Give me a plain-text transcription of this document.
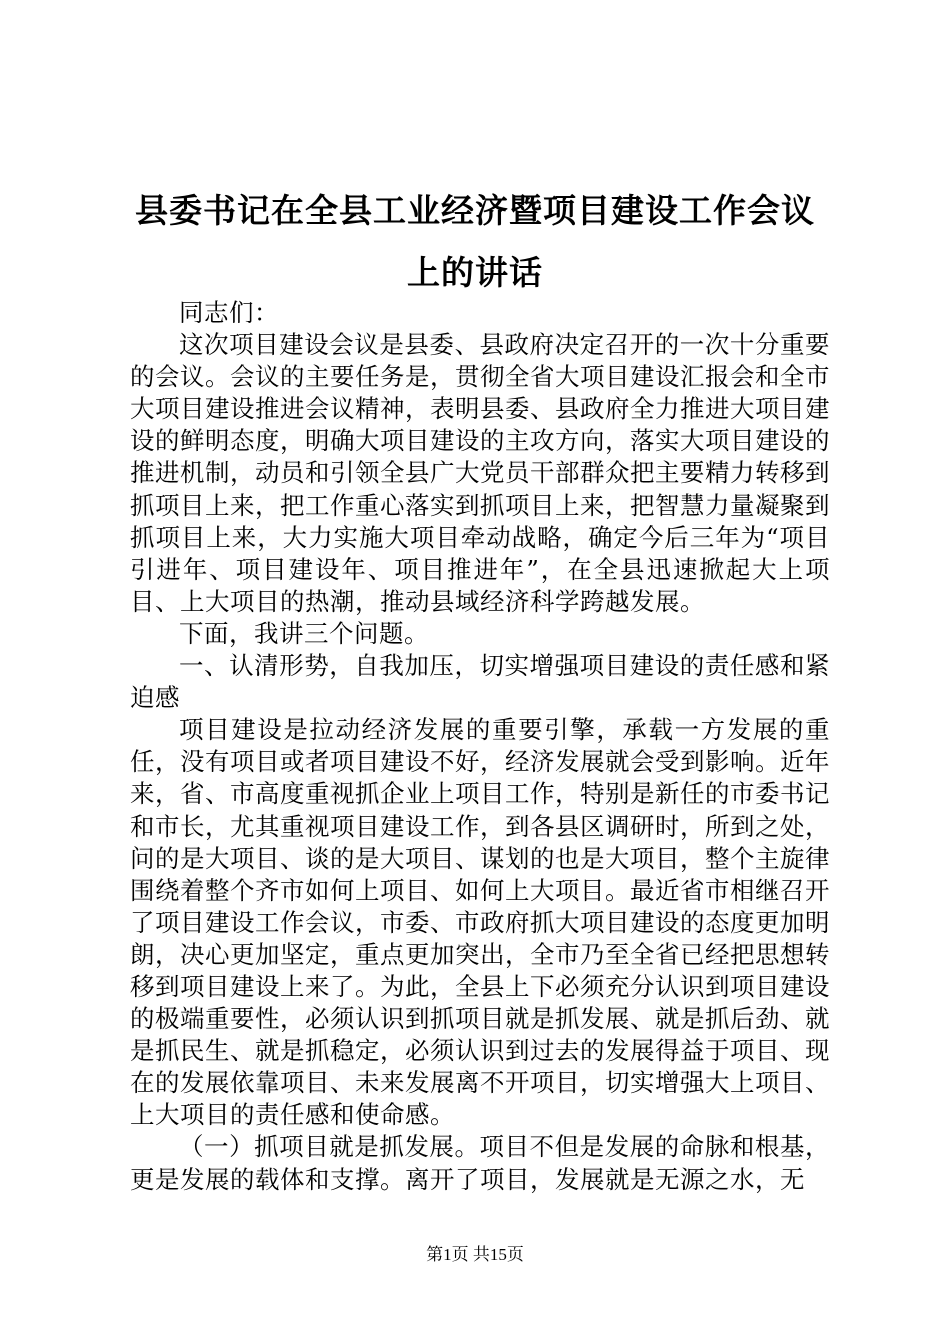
县委书记在全县工业经济暨项目建设工作会议
上的讲话

同志们：

这次项目建设会议是县委、县政府决定召开的一次十分重要的会议。会议的主要任务是，贯彻全省大项目建设汇报会和全市大项目建设推进会议精神，表明县委、县政府全力推进大项目建设的鲜明态度，明确大项目建设的主攻方向，落实大项目建设的推进机制，动员和引领全县广大党员干部群众把主要精力转移到抓项目上来，把工作重心落实到抓项目上来，把智慧力量凝聚到抓项目上来，大力实施大项目牵动战略，确定今后三年为“项目引进年、项目建设年、项目推进年”，在全县迅速掀起大上项目、上大项目的热潮，推动县域经济科学跨越发展。

下面，我讲三个问题。

一、认清形势，自我加压，切实增强项目建设的责任感和紧迫感

项目建设是拉动经济发展的重要引擎，承载一方发展的重任，没有项目或者项目建设不好，经济发展就会受到影响。近年来，省、市高度重视抓企业上项目工作，特别是新任的市委书记和市长，尤其重视项目建设工作，到各县区调研时，所到之处，问的是大项目、谈的是大项目、谋划的也是大项目，整个主旋律围绕着整个齐市如何上项目、如何上大项目。最近省市相继召开了项目建设工作会议，市委、市政府抓大项目建设的态度更加明朗，决心更加坚定，重点更加突出，全市乃至全省已经把思想转移到项目建设上来了。为此，全县上下必须充分认识到项目建设的极端重要性，必须认识到抓项目就是抓发展、就是抓后劲、就是抓民生、就是抓稳定，必须认识到过去的发展得益于项目、现在的发展依靠项目、未来发展离不开项目，切实增强大上项目、上大项目的责任感和使命感。

（一）抓项目就是抓发展。项目不但是发展的命脉和根基，更是发展的载体和支撑。离开了项目，发展就是无源之水，无

第1页 共15页
